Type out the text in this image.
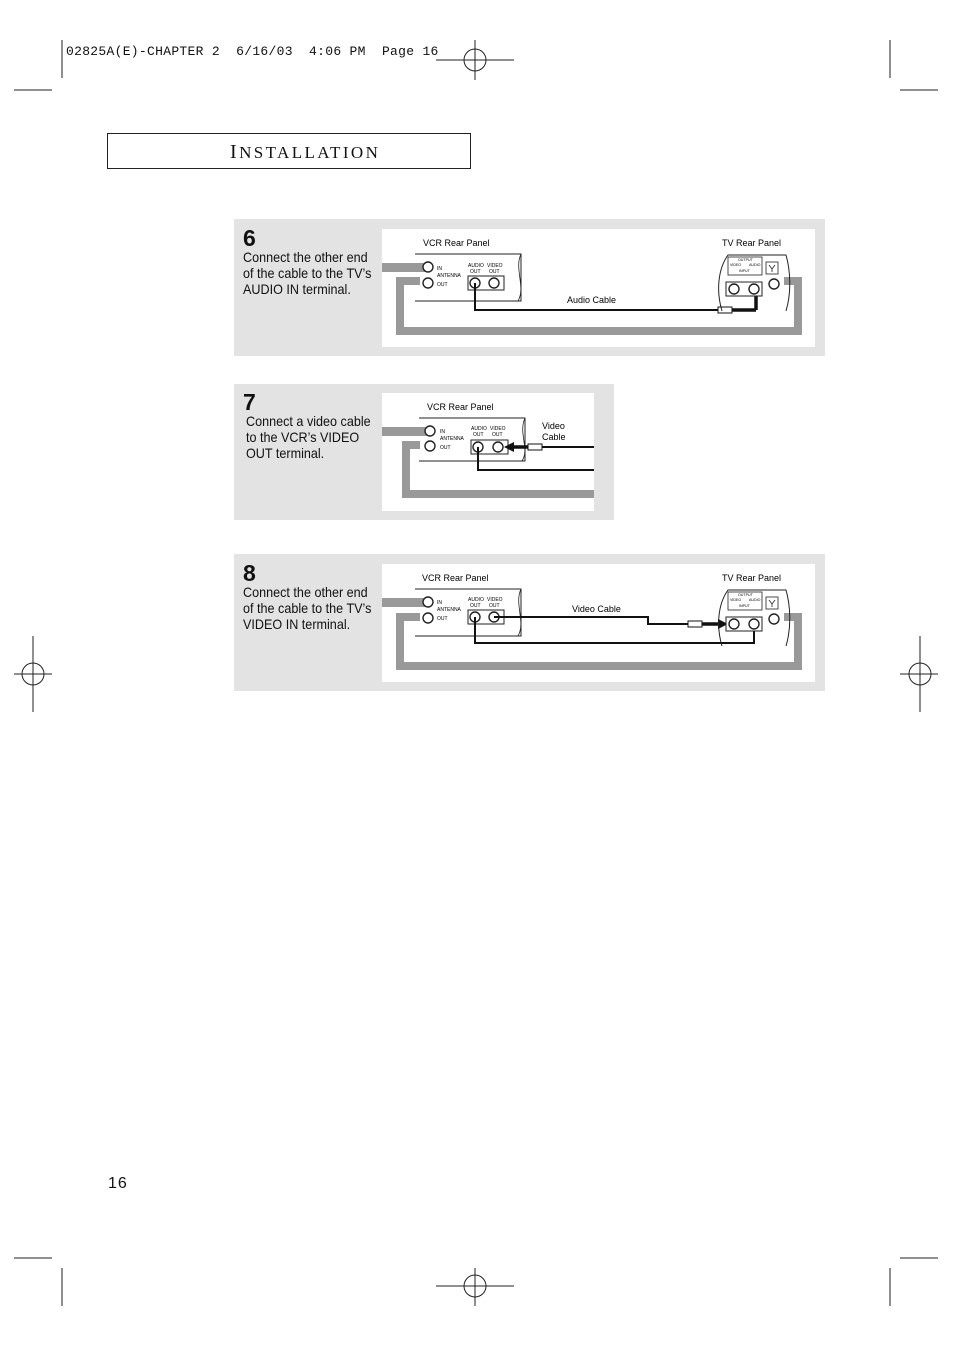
02825A(E)-CHAPTER 2  6/16/03  4:06 PM  Page 16
INSTALLATION
6
Connect the other end of the cable to the TV’s AUDIO IN terminal.
IN
ANTENNA
OUT
AUDIO
OUT
VIDEO
OUT
OUTPUT
VIDEO AUDIO
INPUT
VCR Rear Panel	TV Rear Panel
Audio Cable
7
Connect a video cable to the VCR’s VIDEO OUT terminal.
IN
ANTENNA
OUT
AUDIO
OUT
VIDEO
OUT
VCR Rear Panel
Video
Cable
8
Connect the other end of the cable to the TV’s VIDEO IN terminal.
IN
ANTENNA
OUT
AUDIO
OUT
VIDEO
OUT
OUTPUT
VIDEO AUDIO
INPUT
VCR Rear Panel	TV Rear Panel
Video Cable
16
